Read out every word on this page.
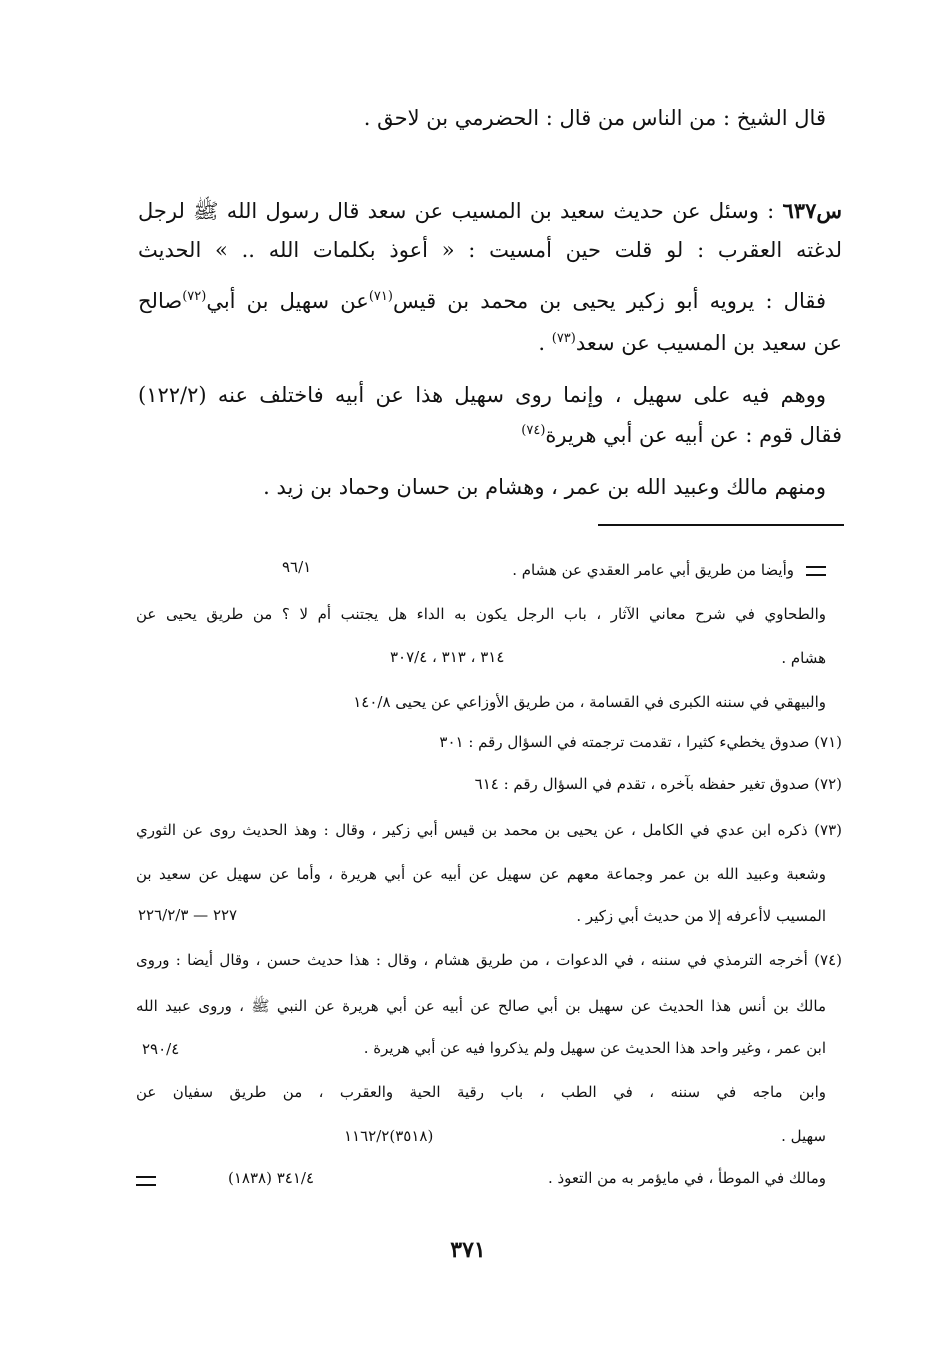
قال الشيخ : من الناس من قال : الحضرمي بن لاحق .
س٦٣٧ : وسئل عن حديث سعيد بن المسيب عن سعد قال رسول الله ﷺ لرجل
لدغته العقرب : لو قلت حين أمسيت : « أعوذ بكلمات الله .. » الحديث
فقال : يرويه أبو زكير يحيى بن محمد بن قيس$^{(٧١)}$عن سهيل بن أبي$^{(٧٢)}$صالح
عن سعيد بن المسيب عن سعد$^{(٧٣)}$ .
ووهم فيه على سهيل ، وإنما روى سهيل هذا عن أبيه فاختلف عنه (١٢٢/٢)
فقال قوم : عن أبيه عن أبي هريرة$^{(٧٤)}$
ومنهم مالك وعبيد الله بن عمر ، وهشام بن حسان وحماد بن زيد .
وأيضا من طريق أبي عامر العقدي عن هشام .
٩٦/١
والطحاوي في شرح معاني الآثار ، باب الرجل يكون به الداء هل يجتنب أم لا ؟ من طريق يحيى عن
هشام .
٣١٤ ، ٣١٣ ، ٣٠٧/٤
والبيهقي في سننه الكبرى في القسامة ، من طريق الأوزاعي عن يحيى ١٤٠/٨
(٧١) صدوق يخطيء كثيرا ، تقدمت ترجمته في السؤال رقم : ٣٠١
(٧٢) صدوق تغير حفظه بآخره ، تقدم في السؤال رقم : ٦١٤
(٧٣) ذكره ابن عدي في الكامل ، عن يحيى بن محمد بن قيس أبي زكير ، وقال : وهذ الحديث روى عن الثوري
وشعبة وعبيد الله بن عمر وجماعة معهم عن سهيل عن أبيه عن أبي هريرة ، وأما عن سهيل عن سعيد بن
المسيب لاأعرفه إلا من حديث أبي زكير .
٢٢٧ — ٢٢٦/٢/٣
(٧٤) أخرجه الترمذي في سننه ، في الدعوات ، من طريق هشام ، وقال : هذا حديث حسن ، وقال أيضا : وروى
مالك بن أنس هذا الحديث عن سهيل بن أبي صالح عن أبيه عن أبي هريرة عن النبي ﷺ ، وروى عبيد الله
ابن عمر ، وغير واحد هذا الحديث عن سهيل ولم يذكروا فيه عن أبي هريرة .
٢٩٠/٤
وابن ماجه في سننه ، في الطب ، باب رقية الحية والعقرب ، من طريق سفيان عن
سهيل .
٣٥١٨)١١٦٢/٢)
ومالك في الموطأ ، في مايؤمر به من التعوذ .
٣٤١/٤ (١٨٣٨)
٣٧١
